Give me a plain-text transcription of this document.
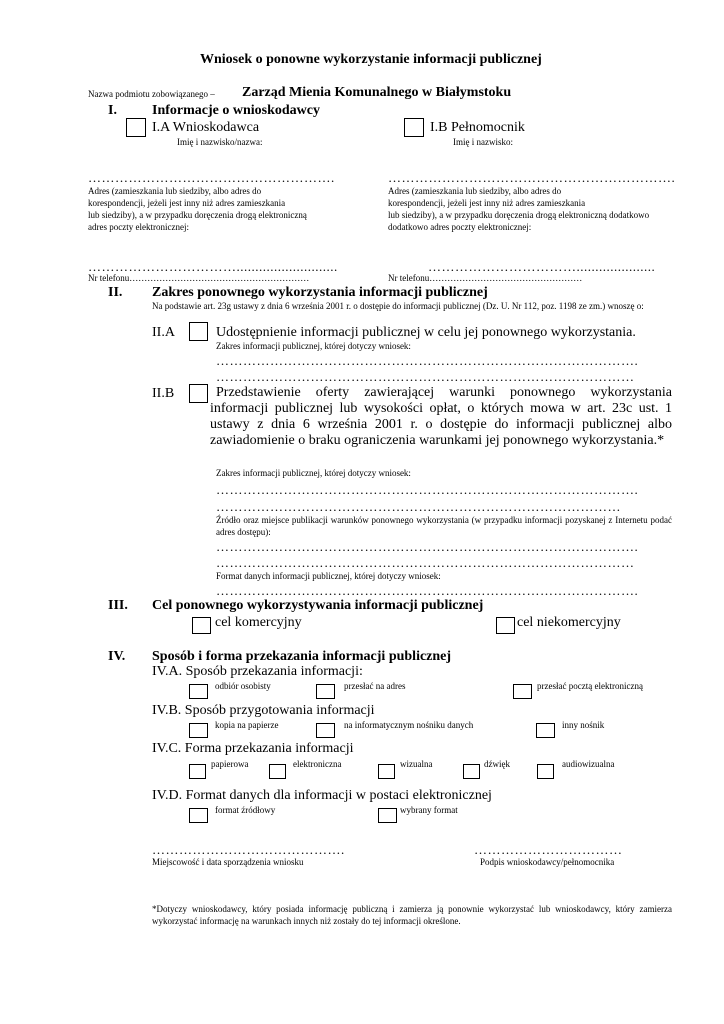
Wniosek o ponowne wykorzystanie informacji publicznej
Nazwa podmiotu zobowiązanego – Zarząd Mienia Komunalnego w Białymstoku
I.	Informacje o wnioskodawcy
I.A Wnioskodawca
Imię i nazwisko/nazwa:
I.B Pełnomocnik
Imię i nazwisko:
……………………………………………….	……………………………………………………….
Adres (zamieszkania lub siedziby, albo adres do
korespondencji, jeżeli jest inny niż adres zamieszkania
lub siedziby), a w przypadku doręczenia drogą elektroniczną
adres poczty elektronicznej:
Adres (zamieszkania lub siedziby, albo adres do
korespondencji, jeżeli jest inny niż adres zamieszkania
lub siedziby), a w przypadku doręczenia drogą elektroniczną dodatkowo
dodatkowo adres poczty elektronicznej:
……………………………...........................	…………………………….....................
Nr telefonu……………………………………………………	Nr telefonu……………………………………………
II. Zakres ponownego wykorzystania informacji publicznej
Na podstawie art. 23g ustawy z dnia 6 września 2001 r. o dostępie do informacji publicznej (Dz. U. Nr 112, poz. 1198 ze zm.) wnoszę o:
II.A	Udostępnienie informacji publicznej w celu jej ponownego wykorzystania.
Zakres informacji publicznej, której dotyczy wniosek:
………………………………………………………………………………….
…………………………………………………………………………………
II.B	Przedstawienie oferty zawierającej warunki ponownego wykorzystania informacji publicznej lub wysokości opłat, o których mowa w art. 23c ust. 1 ustawy z dnia 6 września 2001 r. o dostępie do informacji publicznej albo zawiadomienie o braku ograniczenia warunkami jej ponownego wykorzystania.*
Zakres informacji publicznej, której dotyczy wniosek:
………………………………………………………………………………….
………………………………………………………………………………
Źródło oraz miejsce publikacji warunków ponownego wykorzystania (w przypadku informacji pozyskanej z Internetu podać adres dostępu):
………………………………………………………………………………….
…………………………………………………………………………………
Format danych informacji publicznej, której dotyczy wniosek:
………………………………………………………………………………….
III. Cel ponownego wykorzystywania informacji publicznej
cel komercyjny	cel niekomercyjny
IV. Sposób i forma przekazania informacji publicznej
IV.A. Sposób przekazania informacji:
odbiór osobisty	przesłać na adres	przesłać pocztą elektroniczną
IV.B. Sposób przygotowania informacji
kopia na papierze	na informatycznym nośniku danych	inny nośnik
IV.C. Forma przekazania informacji
papierowa	elektroniczna	wizualna	dźwięk	audiowizualna
IV.D. Format danych dla informacji w postaci elektronicznej
format źródłowy	wybrany format
…………………………………….	……………………………
Miejscowość i data sporządzenia wniosku	Podpis wnioskodawcy/pełnomocnika
*Dotyczy wnioskodawcy, który posiada informację publiczną i zamierza ją ponownie wykorzystać lub wnioskodawcy, który zamierza wykorzystać informację na warunkach innych niż zostały do tej informacji określone.
